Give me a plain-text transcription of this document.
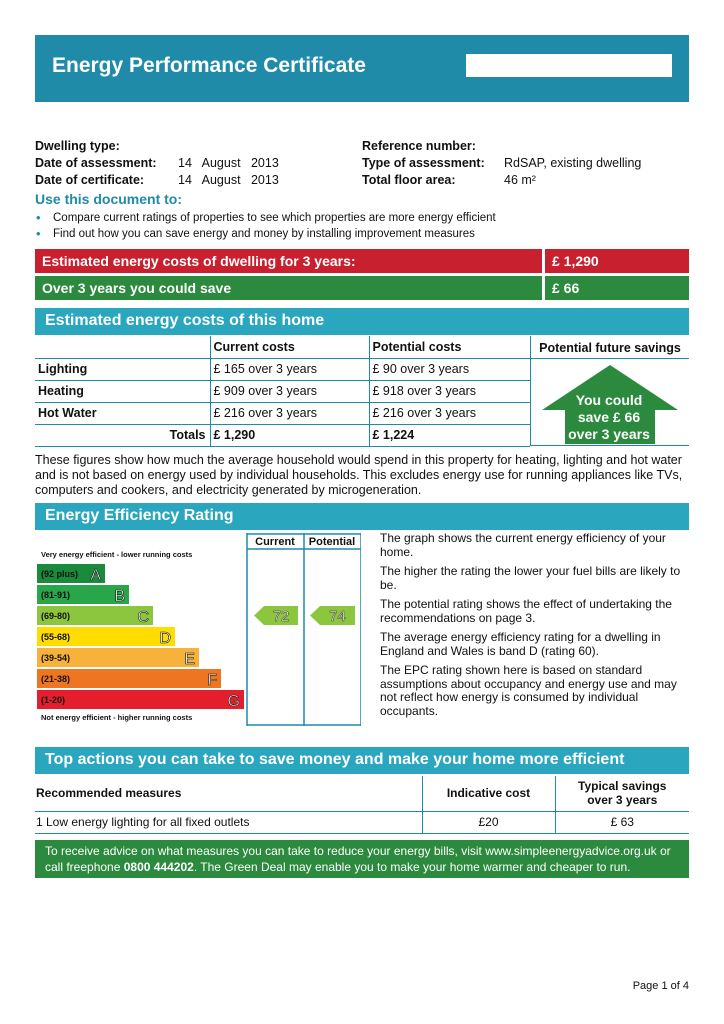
Energy Performance Certificate
Dwelling type:
Date of assessment: 14   August   2013
Date of certificate:	14   August   2013
Reference number:
Type of assessment: RdSAP, existing dwelling
Total floor area:	46 m²
Use this document to:
• Compare current ratings of properties to see which properties are more energy efficient
• Find out how you can save energy and money by installing improvement measures
Estimated energy costs of dwelling for 3 years:	£ 1,290
Over 3 years you could save	£ 66
Estimated energy costs of this home
	Current costs	Potential costs
Lighting	£ 165 over 3 years	£ 90 over 3 years
Heating	£ 909 over 3 years	£ 918 over 3 years
Hot Water	£ 216 over 3 years	£ 216 over 3 years
Totals	£ 1,290	£ 1,224
Potential future savings
You could
save £ 66
over 3 years
These figures show how much the average household would spend in this property for heating, lighting and hot water and is not based on energy used by individual households. This excludes energy use for running appliances like TVs, computers and cookers, and electricity generated by microgeneration.
Energy Efficiency Rating
Current Potential
Very energy efficient - lower running costs
Not energy efficient - higher running costs
(92 plus) A
(81-91)	B
(69-80)	C
(55-68)	D
(39-54)	E
(21-38)	F
(1-20)	G
72	74

The graph shows the current energy efficiency of your home.

The higher the rating the lower your fuel bills are likely to be.

The potential rating shows the effect of undertaking the recommendations on page 3.

The average energy efficiency rating for a dwelling in England and Wales is band D (rating 60).

The EPC rating shown here is based on standard assumptions about occupancy and energy use and may not reflect how energy is consumed by individual occupants.

Top actions you can take to save money and make your home more efficient
Recommended measures	Indicative cost	Typical savings
over 3 years

1 Low energy lighting for all fixed outlets	£20	£ 63
To receive advice on what measures you can take to reduce your energy bills, visit www.simpleenergyadvice.org.uk or
call freephone 0800 444202. The Green Deal may enable you to make your home warmer and cheaper to run.
Page 1 of 4
